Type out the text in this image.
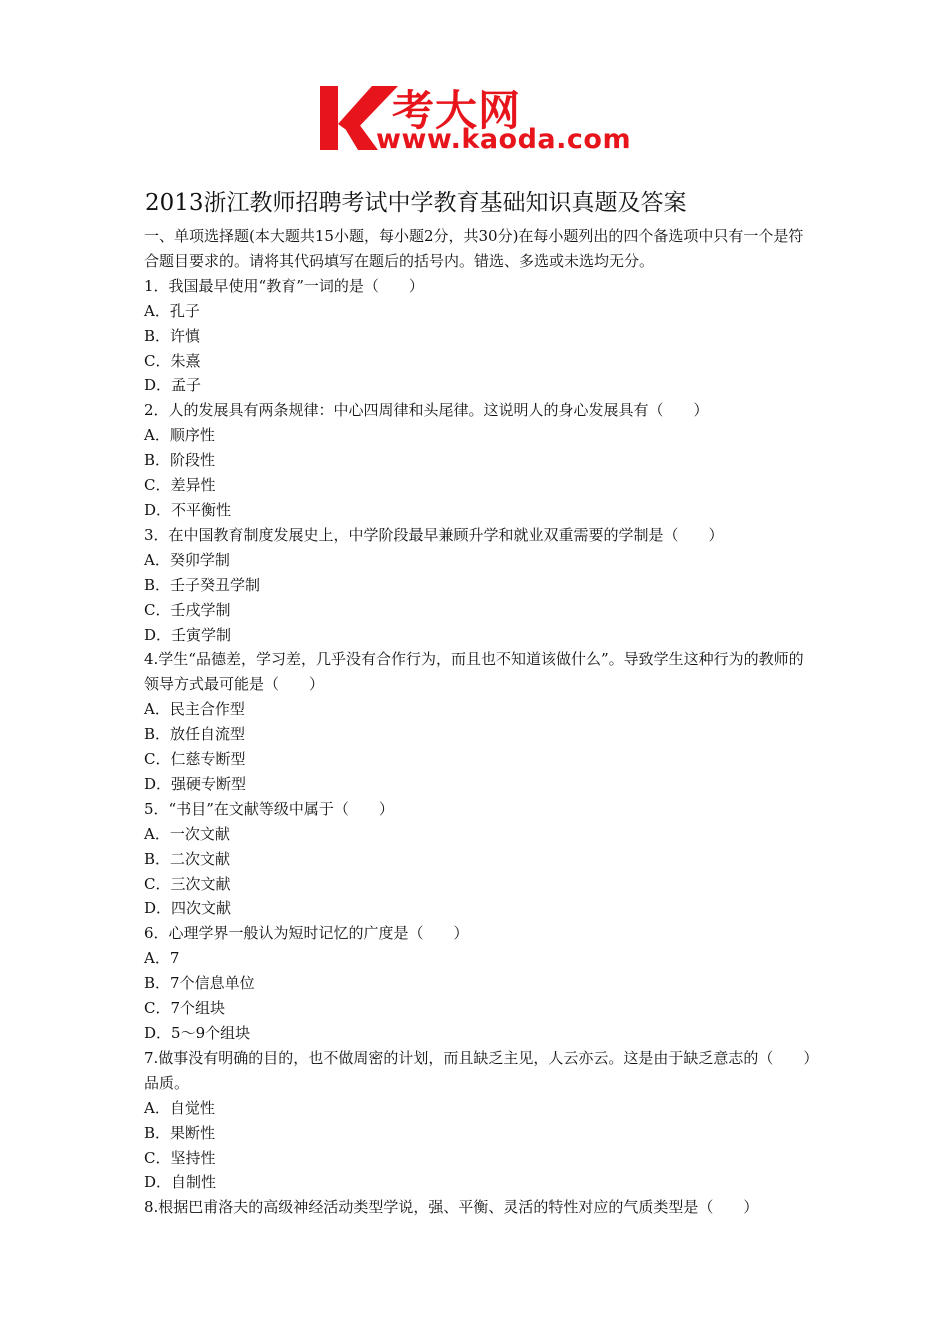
考大网
www.kaoda.com
2013浙江教师招聘考试中学教育基础知识真题及答案
一、单项选择题(本大题共15小题，每小题2分，共30分)在每小题列出的四个备选项中只有一个是符合题目要求的。请将其代码填写在题后的括号内。错选、多选或未选均无分。
1．我国最早使用“教育”一词的是（　　）
A．孔子
B．许慎
C．朱熹
D．孟子
2．人的发展具有两条规律：中心四周律和头尾律。这说明人的身心发展具有（　　）
A．顺序性
B．阶段性
C．差异性
D．不平衡性
3．在中国教育制度发展史上，中学阶段最早兼顾升学和就业双重需要的学制是（　　）
A．癸卯学制
B．壬子癸丑学制
C．壬戌学制
D．壬寅学制
4.学生“品德差，学习差，几乎没有合作行为，而且也不知道该做什么”。导致学生这种行为的教师的领导方式最可能是（　　）
A．民主合作型
B．放任自流型
C．仁慈专断型
D．强硬专断型
5．“书目”在文献等级中属于（　　）
A．一次文献
B．二次文献
C．三次文献
D．四次文献
6．心理学界一般认为短时记忆的广度是（　　）
A．7
B．7个信息单位
C．7个组块
D．5～9个组块
7.做事没有明确的目的，也不做周密的计划，而且缺乏主见，人云亦云。这是由于缺乏意志的（　　）品质。
A．自觉性
B．果断性
C．坚持性
D．自制性
8.根据巴甫洛夫的高级神经活动类型学说，强、平衡、灵活的特性对应的气质类型是（　　）
